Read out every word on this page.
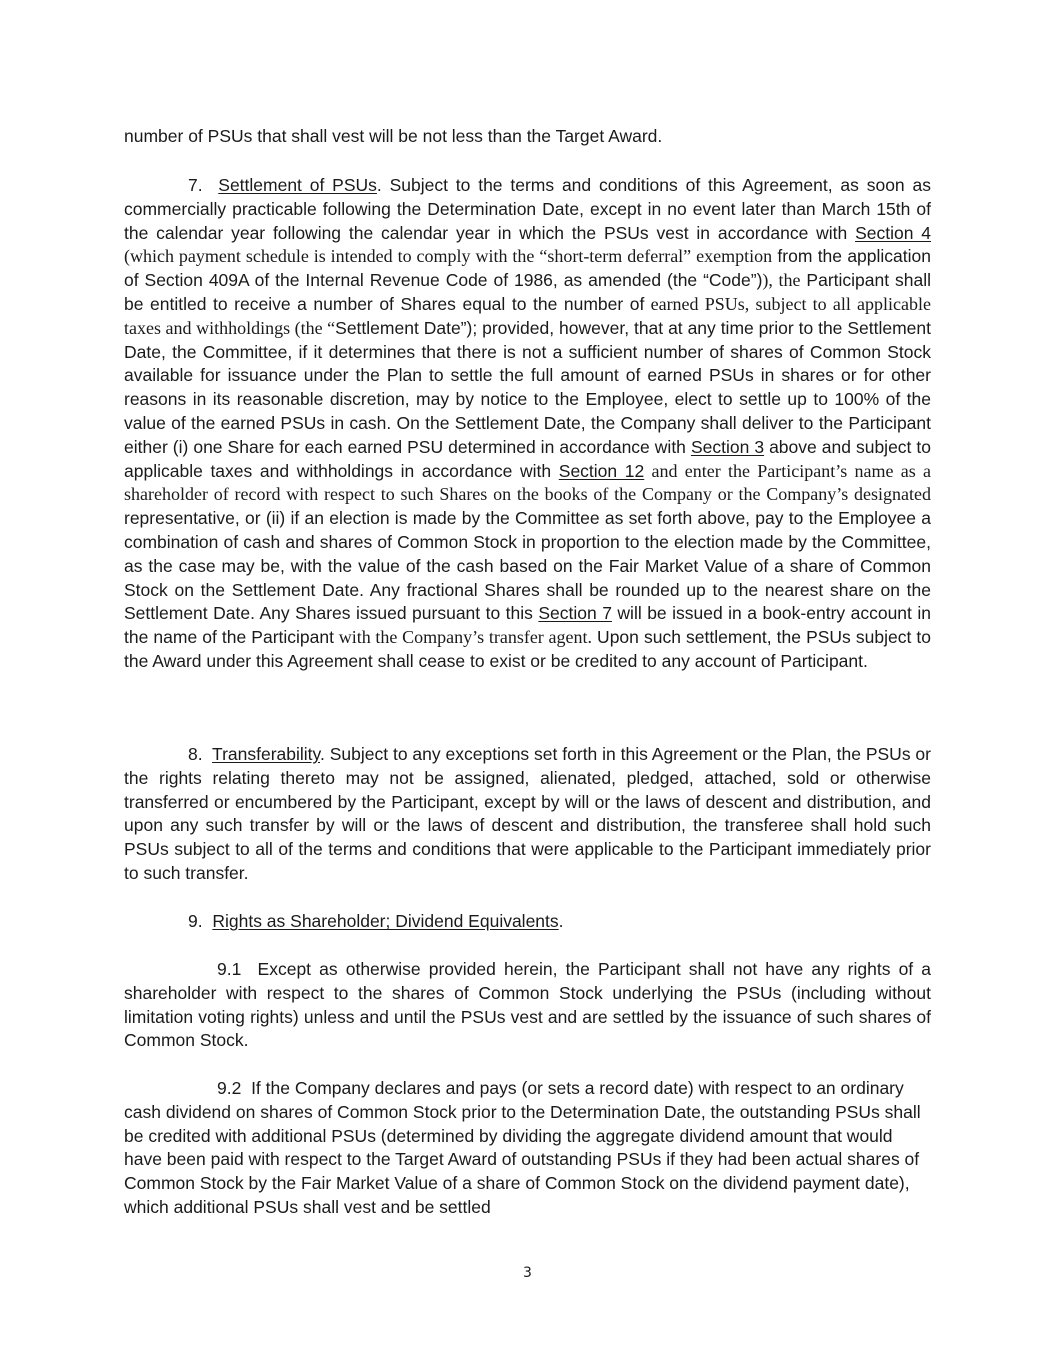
number of PSUs that shall vest will be not less than the Target Award.

7. Settlement of PSUs. Subject to the terms and conditions of this Agreement, as soon as commercially practicable following the Determination Date, except in no event later than March 15th of the calendar year following the calendar year in which the PSUs vest in accordance with Section 4 (which payment schedule is intended to comply with the “short-term deferral” exemption from the application of Section 409A of the Internal Revenue Code of 1986, as amended (the “Code”)), the Participant shall be entitled to receive a number of Shares equal to the number of earned PSUs, subject to all applicable taxes and withholdings (the “Settlement Date”); provided, however, that at any time prior to the Settlement Date, the Committee, if it determines that there is not a sufficient number of shares of Common Stock available for issuance under the Plan to settle the full amount of earned PSUs in shares or for other reasons in its reasonable discretion, may by notice to the Employee, elect to settle up to 100% of the value of the earned PSUs in cash. On the Settlement Date, the Company shall deliver to the Participant either (i) one Share for each earned PSU determined in accordance with Section 3 above and subject to applicable taxes and withholdings in accordance with Section 12 and enter the Participant’s name as a shareholder of record with respect to such Shares on the books of the Company or the Company’s designated representative, or (ii) if an election is made by the Committee as set forth above, pay to the Employee a combination of cash and shares of Common Stock in proportion to the election made by the Committee, as the case may be, with the value of the cash based on the Fair Market Value of a share of Common Stock on the Settlement Date. Any fractional Shares shall be rounded up to the nearest share on the Settlement Date. Any Shares issued pursuant to this Section 7 will be issued in a book-entry account in the name of the Participant with the Company’s transfer agent. Upon such settlement, the PSUs subject to the Award under this Agreement shall cease to exist or be credited to any account of Participant.

8. Transferability. Subject to any exceptions set forth in this Agreement or the Plan, the PSUs or the rights relating thereto may not be assigned, alienated, pledged, attached, sold or otherwise transferred or encumbered by the Participant, except by will or the laws of descent and distribution, and upon any such transfer by will or the laws of descent and distribution, the transferee shall hold such PSUs subject to all of the terms and conditions that were applicable to the Participant immediately prior to such transfer.

9. Rights as Shareholder; Dividend Equivalents.

9.1 Except as otherwise provided herein, the Participant shall not have any rights of a shareholder with respect to the shares of Common Stock underlying the PSUs (including without limitation voting rights) unless and until the PSUs vest and are settled by the issuance of such shares of Common Stock.

9.2 If the Company declares and pays (or sets a record date) with respect to an ordinary cash dividend on shares of Common Stock prior to the Determination Date, the outstanding PSUs shall be credited with additional PSUs (determined by dividing the aggregate dividend amount that would have been paid with respect to the Target Award of outstanding PSUs if they had been actual shares of Common Stock by the Fair Market Value of a share of Common Stock on the dividend payment date), which additional PSUs shall vest and be settled

3
